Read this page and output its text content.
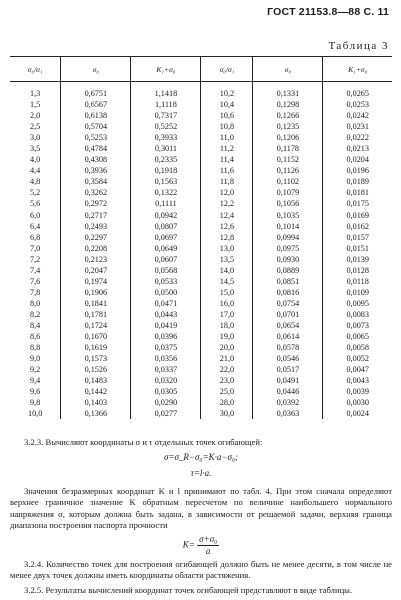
ГОСТ 21153.8—88 С. 11
Таблица 3
σ₀/σ₁	σ₀	K₁+σ₀	σ₀/σ₁	σ₀	K₁+σ₀
1,3	0,6751	1,1418	10,2	0,1331	0,0265
1,5	0,6567	1,1118	10,4	0,1298	0,0253
2,0	0,6138	0,7317	10,6	0,1266	0,0242
2,5	0,5704	0,5252	10,8	0,1235	0,0231
3,0	0,5253	0,3933	11,0	0,1206	0,0222
3,5	0,4784	0,3011	11,2	0,1178	0,0213
4,0	0,4308	0,2335	11,4	0,1152	0,0204
4,4	0,3936	0,1918	11,6	0,1126	0,0196
4,8	0,3584	0,1563	11,8	0,1102	0,0189
5,2	0,3262	0,1322	12,0	0,1079	0,0181
5,6	0,2972	0,1111	12,2	0,1056	0,0175
6,0	0,2717	0,0942	12,4	0,1035	0,0169
6,4	0,2493	0,0807	12,6	0,1014	0,0162
6,8	0,2297	0,0697	12,8	0,0994	0,0157
7,0	0,2208	0,0649	13,0	0,0975	0,0151
7,2	0,2123	0,0607	13,5	0,0930	0,0139
7,4	0,2047	0,0568	14,0	0,0889	0,0128
7,6	0,1974	0,0533	14,5	0,0851	0,0118
7,8	0,1906	0,0500	15,0	0,0816	0,0109
8,0	0,1841	0,0471	16,0	0,0754	0,0095
8,2	0,1781	0,0443	17,0	0,0701	0,0083
8,4	0,1724	0,0419	18,0	0,0654	0,0073
8,6	0,1670	0,0396	19,0	0,0614	0,0065
8,8	0,1619	0,0375	20,0	0,0578	0,0058
9,0	0,1573	0,0356	21,0	0,0546	0,0052
9,2	0,1526	0,0337	22,0	0,0517	0,0047
9,4	0,1483	0,0320	23,0	0,0491	0,0043
9,6	0,1442	0,0305	25,0	0,0446	0,0039
9,8	0,1403	0,0290	28,0	0,0392	0,0030
10,0	0,1366	0,0277	30,0	0,0363	0,0024

3.2.3. Вычисляют координаты σ и τ отдельных точек огибающей:

σ=σ_R−σ₀=K·a−σ₀;

τ=l·a.

Значения безразмерных координат K и l принимают по табл. 4. При этом сначала определяют верхнее граничное значение K обратным пересчетом по величине наибольшего нормального напряжения σ, которым должна быть задана, в зависимости от решаемой задачи, верхняя граница диапазона построения паспорта прочности

$K= \frac{\text{σ+σ₀}}{a}$

3.2.4. Количество точек для построения огибающей должно быть не менее десяти, в том числе не менее двух точек должны иметь координаты области растяжения.

3.2.5. Результаты вычислений координат точек огибающей представляют в виде таблицы.
